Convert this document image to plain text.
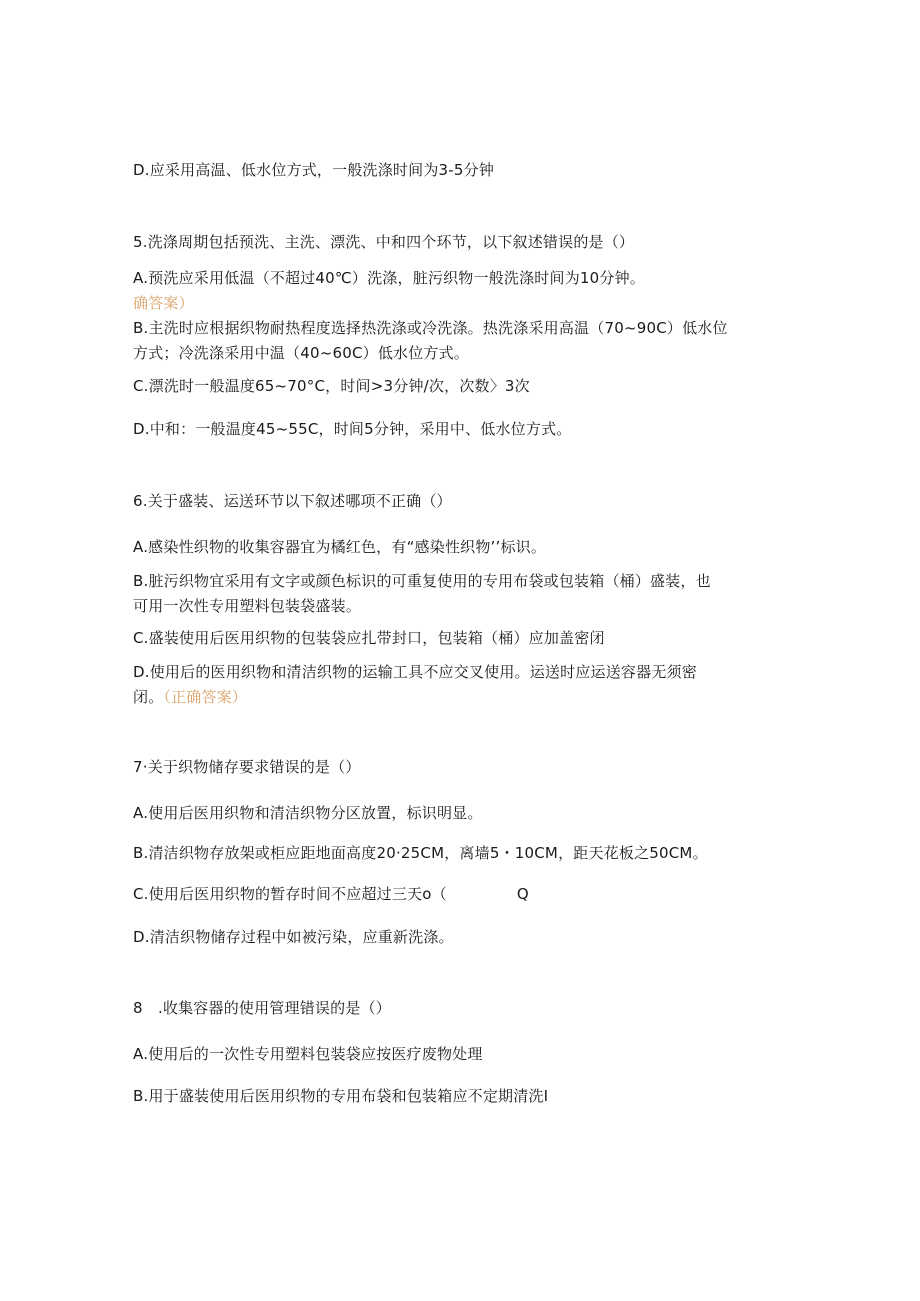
D.应采用高温、低水位方式，一般洗涤时间为3-5分钟
5.洗涤周期包括预洗、主洗、漂洗、中和四个环节，以下叙述错误的是（）
A.预洗应采用低温（不超过40℃）洗涤，脏污织物一般洗涤时间为10分钟。
确答案）
B.主洗时应根据织物耐热程度选择热洗涤或冷洗涤。热洗涤采用高温（70~90C）低水位
方式；冷洗涤采用中温（40~60C）低水位方式。
C.漂洗时一般温度65~70°C，时间>3分钟/次，次数〉3次
D.中和：一般温度45~55C，时间5分钟，采用中、低水位方式。
6.关于盛装、运送环节以下叙述哪项不正确（）
A.感染性织物的收集容器宜为橘红色，有“感染性织物’’标识。
B.脏污织物宜采用有文字或颜色标识的可重复使用的专用布袋或包装箱（桶）盛装，也
可用一次性专用塑料包装袋盛装。
C.盛装使用后医用织物的包装袋应扎带封口，包装箱（桶）应加盖密闭
D.使用后的医用织物和清洁织物的运输工具不应交叉使用。运送时应运送容器无须密
闭。（正确答案）
7·关于织物储存要求错误的是（）
A.使用后医用织物和清洁织物分区放置，标识明显。
B.清洁织物存放架或柜应距地面高度20·25CM，离墙5・10CM，距天花板之50CM。
C.使用后医用织物的暂存时间不应超过三天o（	Q
D.清洁织物储存过程中如被污染，应重新洗涤。
8　.收集容器的使用管理错误的是（）
A.使用后的一次性专用塑料包装袋应按医疗废物处理
B.用于盛装使用后医用织物的专用布袋和包装箱应不定期清洗I
